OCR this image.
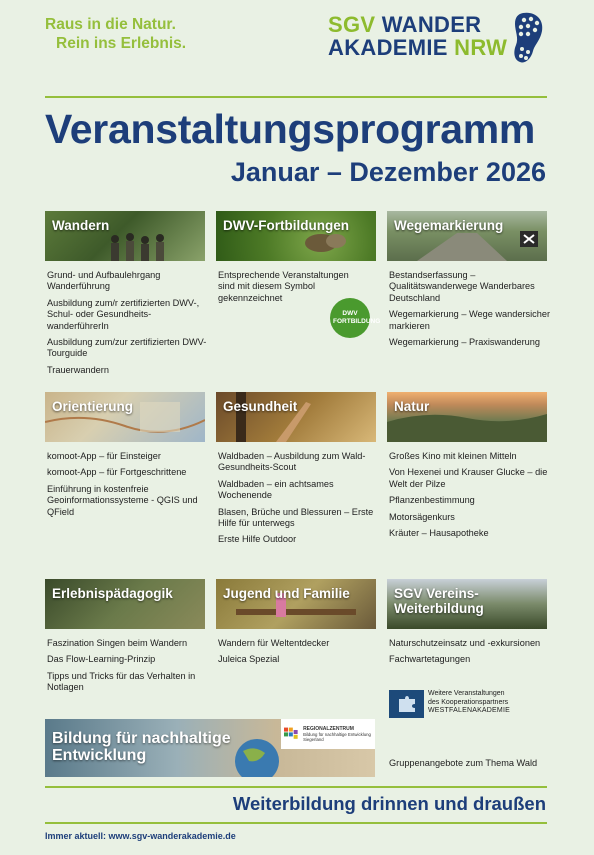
Raus in die Natur.
Rein ins Erlebnis.
SGV WANDER
AKADEMIE NRW
Veranstaltungsprogramm
Januar – Dezember 2026
Wandern	DWV-Fortbildungen	Wegemarkierung
Grund- und Aufbaulehrgang Wanderführung
Ausbildung zum/r zertifizierten DWV-, Schul- oder Gesundheits-wanderführerIn
Ausbildung zum/zur zertifizierten DWV-Tourguide
Trauerwandern
Entsprechende Veranstaltungen sind mit diesem Symbol gekennzeichnet
DWV FORTBILDUNG
Bestandserfassung – Qualitätswanderwege Wanderbares Deutschland
Wegemarkierung – Wege wandersicher markieren
Wegemarkierung – Praxiswanderung
Orientierung	Gesundheit	Natur
komoot-App – für Einsteiger
komoot-App – für Fortgeschrittene
Einführung in kostenfreie Geoinformationssysteme - QGIS und QField
Waldbaden – Ausbildung zum Wald-Gesundheits-Scout
Waldbaden – ein achtsames Wochenende
Blasen, Brüche und Blessuren – Erste Hilfe für unterwegs
Erste Hilfe Outdoor
Großes Kino mit kleinen Mitteln
Von Hexenei und Krauser Glucke – die Welt der Pilze
Pflanzenbestimmung
Motorsägenkurs
Kräuter – Hausapotheke
Erlebnispädagogik	Jugend und Familie	SGV Vereins-Weiterbildung
Faszination Singen beim Wandern
Das Flow-Learning-Prinzip
Tipps und Tricks für das Verhalten in Notlagen
Wandern für Weltentdecker
Juleica Spezial
Naturschutzeinsatz und -exkursionen
Fachwartetagungen
Weitere Veranstaltungen
des Kooperationspartners
WESTFALENAKADEMIE
Bildung für nachhaltige Entwicklung
REGIONALZENTRUM
Bildung für nachhaltige Entwicklung Siegerland
Gruppenangebote zum Thema Wald
Weiterbildung drinnen und draußen
Immer aktuell: www.sgv-wanderakademie.de
